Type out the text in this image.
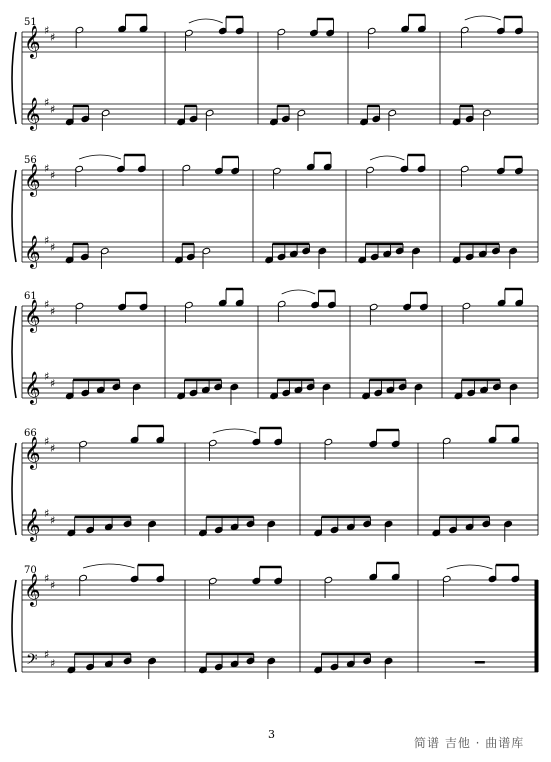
𝄞
𝄞 ♯
♯
♯
♯
𝄞
𝄞 ♯
♯
♯
♯
𝄞
𝄞 ♯
♯
♯
♯
𝄞
𝄞 ♯
♯
♯
♯
𝄞
𝄢 ♯
♯
♯
♯
51
56
61
66
70
3
简谱 吉他 · 曲谱库
